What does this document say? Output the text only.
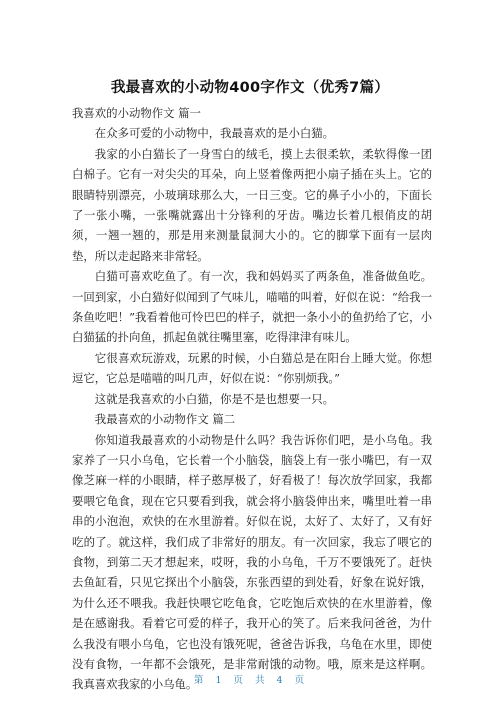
我最喜欢的小动物400字作文（优秀7篇）

我喜欢的小动物作文 篇一

在众多可爱的小动物中，我最喜欢的是小白猫。

我家的小白猫长了一身雪白的绒毛，摸上去很柔软，柔软得像一团白棉子。它有一对尖尖的耳朵，向上竖着像两把小扇子插在头上。它的眼睛特别漂亮，小玻璃球那么大，一日三变。它的鼻子小小的，下面长了一张小嘴，一张嘴就露出十分锋利的牙齿。嘴边长着几根俏皮的胡须，一翘一翘的，那是用来测量鼠洞大小的。它的脚掌下面有一层肉垫，所以走起路来非常轻。

白猫可喜欢吃鱼了。有一次，我和妈妈买了两条鱼，准备做鱼吃。一回到家，小白猫好似闻到了气味儿，喵喵的叫着，好似在说：“给我一条鱼吃吧！”我看着他可怜巴巴的样子，就把一条小小的鱼扔给了它，小白猫猛的扑向鱼，抓起鱼就往嘴里塞，吃得津津有味儿。

它很喜欢玩游戏，玩累的时候，小白猫总是在阳台上睡大觉。你想逗它，它总是喵喵的叫几声，好似在说：“你别烦我。”

这就是我喜欢的小白猫，你是不是也想要一只。

我最喜欢的小动物作文 篇二

你知道我最喜欢的小动物是什么吗？我告诉你们吧，是小乌龟。我家养了一只小乌龟，它长着一个小脑袋，脑袋上有一张小嘴巴，有一双像芝麻一样的小眼睛，样子憨厚极了，好看极了！每次放学回家，我都要喂它龟食，现在它只要看到我，就会将小脑袋伸出来，嘴里吐着一串串的小泡泡，欢快的在水里游着。好似在说，太好了、太好了，又有好吃的了。就这样，我们成了非常好的朋友。有一次回家，我忘了喂它的食物，到第二天才想起来，哎呀，我的小乌龟，千万不要饿死了。赶快去鱼缸看，只见它探出个小脑袋，东张西望的到处看，好象在说好饿，为什么还不喂我。我赶快喂它吃龟食，它吃饱后欢快的在水里游着，像是在感谢我。看着它可爱的样子，我开心的笑了。后来我问爸爸，为什么我没有喂小乌龟，它也没有饿死呢，爸爸告诉我，乌龟在水里，即使没有食物，一年都不会饿死，是非常耐饿的动物。哦，原来是这样啊。我真喜欢我家的小乌龟。

第 1 页 共 4 页
